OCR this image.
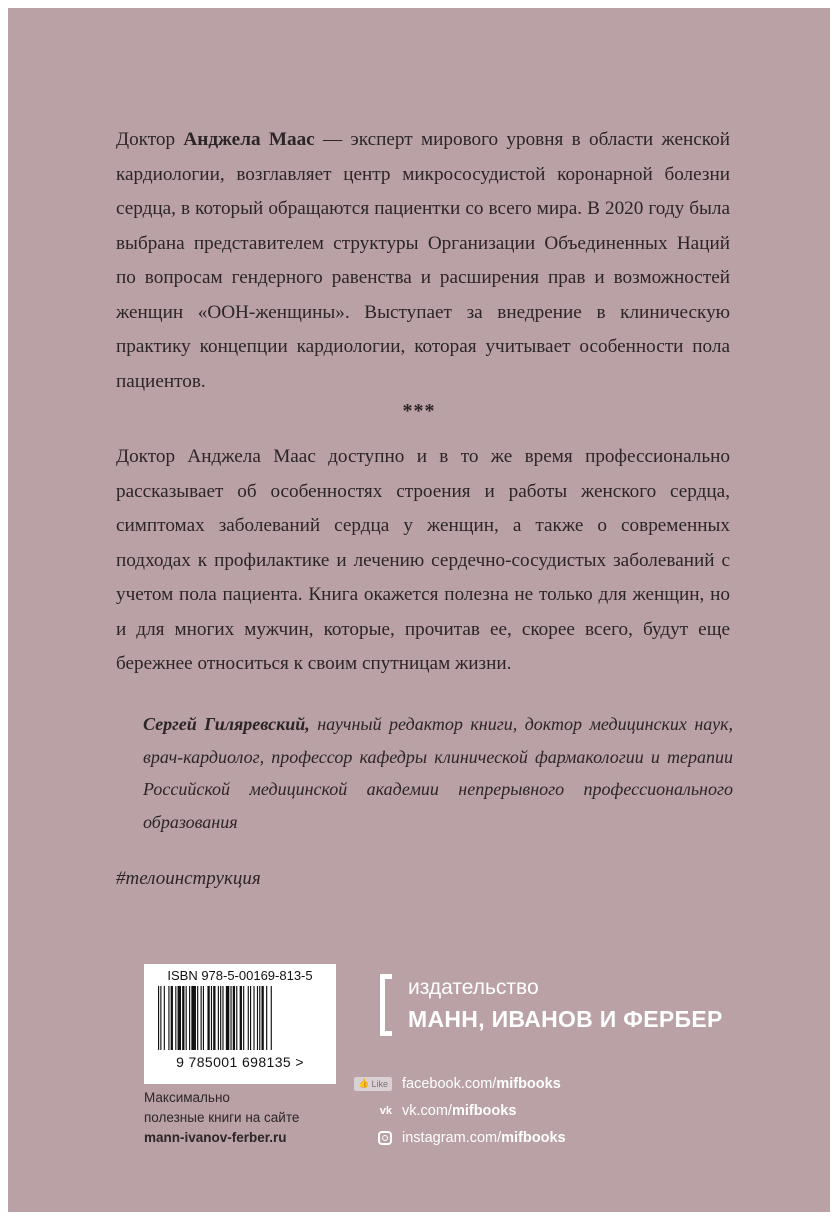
Доктор Анджела Маас — эксперт мирового уровня в области женской кардиологии, возглавляет центр микрососудистой коронарной болезни сердца, в который обращаются пациентки со всего мира. В 2020 году была выбрана представителем структуры Организации Объединенных Наций по вопросам гендерного равенства и расширения прав и возможностей женщин «ООН-женщины». Выступает за внедрение в клиническую практику концепции кардиологии, которая учитывает особенности пола пациентов.

***

Доктор Анджела Маас доступно и в то же время профессионально рассказывает об особенностях строения и работы женского сердца, симптомах заболеваний сердца у женщин, а также о современных подходах к профилактике и лечению сердечно-сосудистых заболеваний с учетом пола пациента. Книга окажется полезна не только для женщин, но и для многих мужчин, которые, прочитав ее, скорее всего, будут еще бережнее относиться к своим спутницам жизни.

Сергей Гиляревский, научный редактор книги, доктор медицинских наук, врач-кардиолог, профессор кафедры клинической фармакологии и терапии Российской медицинской академии непрерывного профессионального образования

#телоинструкция
ISBN 978-5-00169-813-5
9 785001 698135 >
Максимально
полезные книги на сайте
mann-ivanov-ferber.ru
издательство
МАНН, ИВАНОВ И ФЕРБЕР
👍 Like facebook.com/ mifbooks
vk vk.com/ mifbooks
instagram.com/ mifbooks
